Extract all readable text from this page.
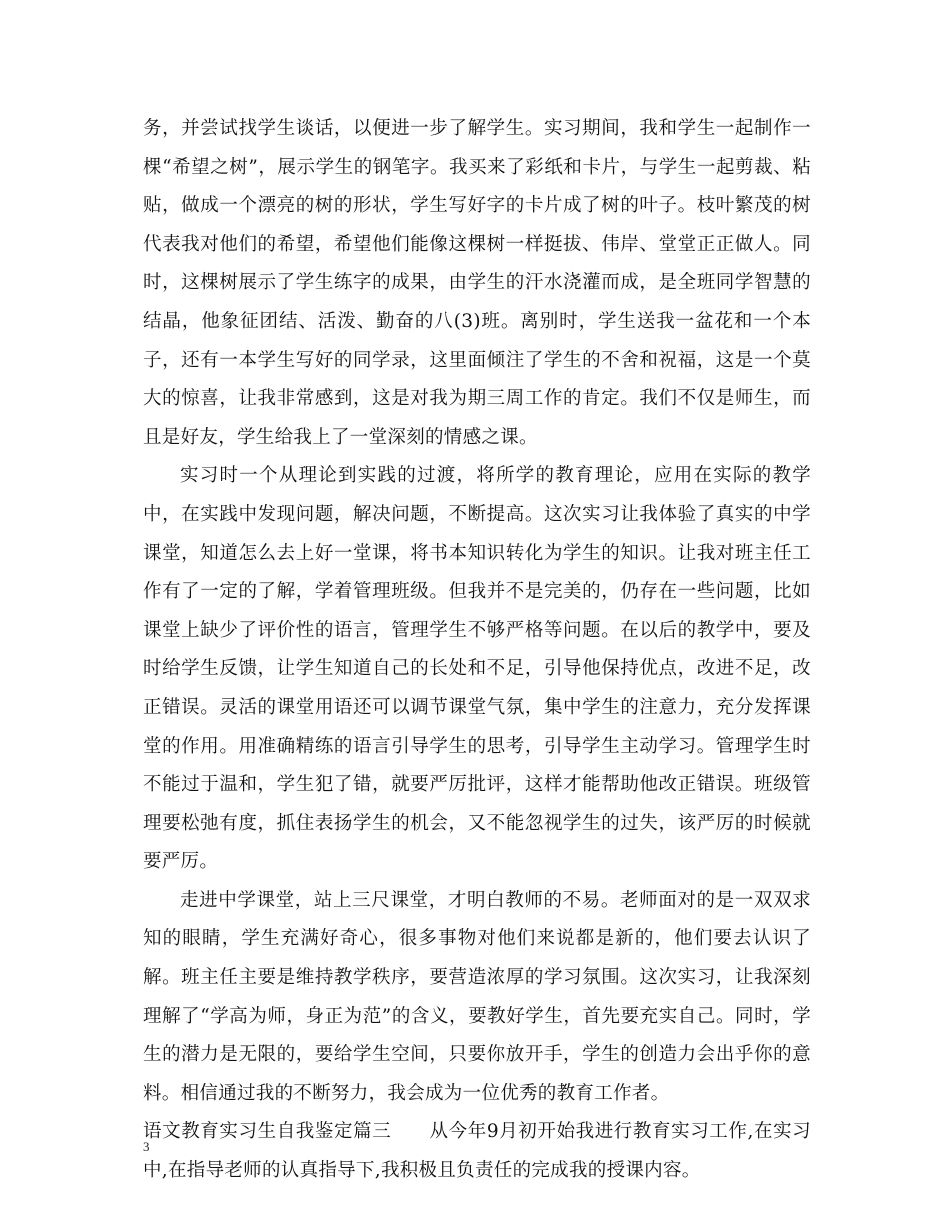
务，并尝试找学生谈话，以便进一步了解学生。实习期间，我和学生一起制作一棵“希望之树”，展示学生的钢笔字。我买来了彩纸和卡片，与学生一起剪裁、粘贴，做成一个漂亮的树的形状，学生写好字的卡片成了树的叶子。枝叶繁茂的树代表我对他们的希望，希望他们能像这棵树一样挺拔、伟岸、堂堂正正做人。同时，这棵树展示了学生练字的成果，由学生的汗水浇灌而成，是全班同学智慧的结晶，他象征团结、活泼、勤奋的八(3)班。离别时，学生送我一盆花和一个本子，还有一本学生写好的同学录，这里面倾注了学生的不舍和祝福，这是一个莫大的惊喜，让我非常感到，这是对我为期三周工作的肯定。我们不仅是师生，而且是好友，学生给我上了一堂深刻的情感之课。

实习时一个从理论到实践的过渡，将所学的教育理论，应用在实际的教学中，在实践中发现问题，解决问题，不断提高。这次实习让我体验了真实的中学课堂，知道怎么去上好一堂课，将书本知识转化为学生的知识。让我对班主任工作有了一定的了解，学着管理班级。但我并不是完美的，仍存在一些问题，比如课堂上缺少了评价性的语言，管理学生不够严格等问题。在以后的教学中，要及时给学生反馈，让学生知道自己的长处和不足，引导他保持优点，改进不足，改正错误。灵活的课堂用语还可以调节课堂气氛，集中学生的注意力，充分发挥课堂的作用。用准确精练的语言引导学生的思考，引导学生主动学习。管理学生时不能过于温和，学生犯了错，就要严厉批评，这样才能帮助他改正错误。班级管理要松弛有度，抓住表扬学生的机会，又不能忽视学生的过失，该严厉的时候就要严厉。

走进中学课堂，站上三尺课堂，才明白教师的不易。老师面对的是一双双求知的眼睛，学生充满好奇心，很多事物对他们来说都是新的，他们要去认识了解。班主任主要是维持教学秩序，要营造浓厚的学习氛围。这次实习，让我深刻理解了“学高为师，身正为范”的含义，要教好学生，首先要充实自己。同时，学生的潜力是无限的，要给学生空间，只要你放开手，学生的创造力会出乎你的意料。相信通过我的不断努力，我会成为一位优秀的教育工作者。

语文教育实习生自我鉴定篇三　　从今年9月初开始我进行教育实习工作,在实习中,在指导老师的认真指导下,我积极且负责任的完成我的授课内容。

3
